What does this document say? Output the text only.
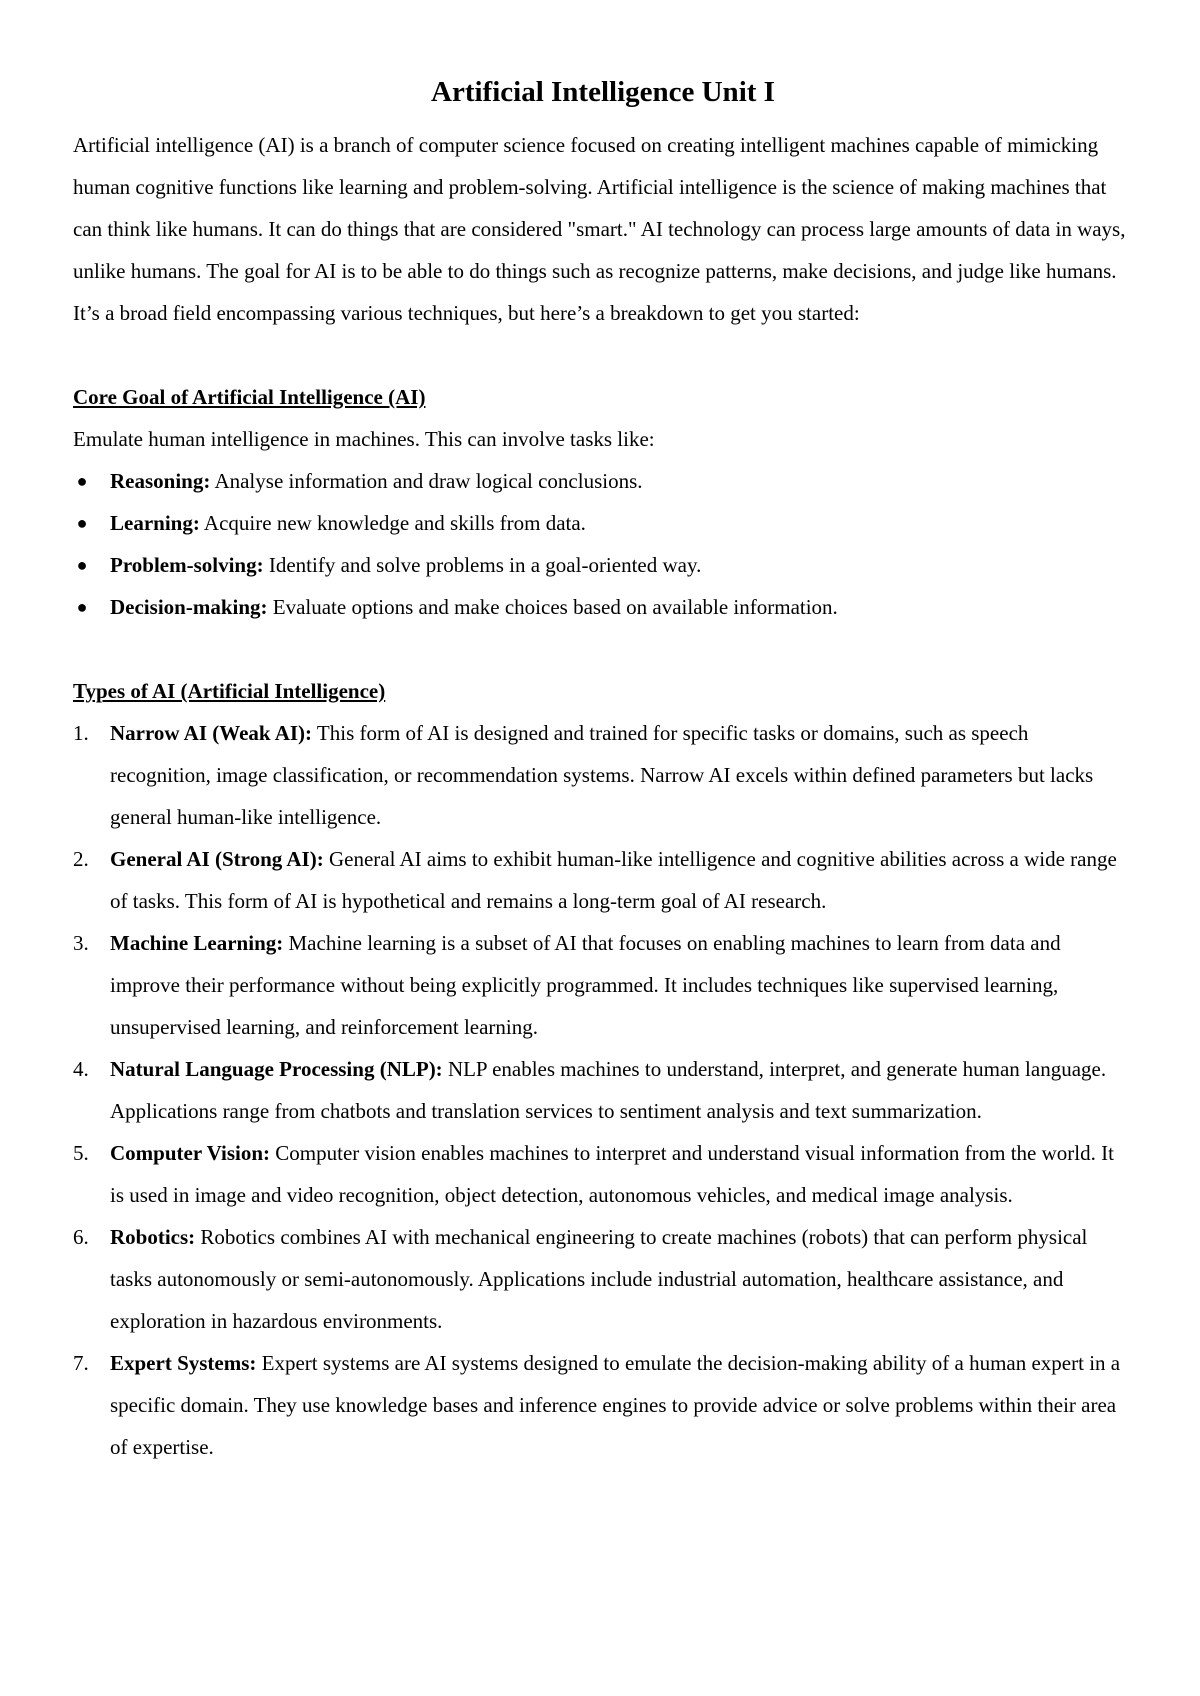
Artificial Intelligence Unit I

Artificial intelligence (AI) is a branch of computer science focused on creating intelligent machines capable of mimicking human cognitive functions like learning and problem-solving. Artificial intelligence is the science of making machines that can think like humans. It can do things that are considered "smart." AI technology can process large amounts of data in ways, unlike humans. The goal for AI is to be able to do things such as recognize patterns, make decisions, and judge like humans. It’s a broad field encompassing various techniques, but here’s a breakdown to get you started:

Core Goal of Artificial Intelligence (AI)

Emulate human intelligence in machines. This can involve tasks like:

● Reasoning: Analyse information and draw logical conclusions.
● Learning: Acquire new knowledge and skills from data.
● Problem-solving: Identify and solve problems in a goal-oriented way.
● Decision-making: Evaluate options and make choices based on available information.

Types of AI (Artificial Intelligence)

1.	Narrow AI (Weak AI): This form of AI is designed and trained for specific tasks or domains, such as speech recognition, image classification, or recommendation systems. Narrow AI excels within defined parameters but lacks general human-like intelligence.
2.	General AI (Strong AI): General AI aims to exhibit human-like intelligence and cognitive abilities across a wide range of tasks. This form of AI is hypothetical and remains a long-term goal of AI research.
3.	Machine Learning: Machine learning is a subset of AI that focuses on enabling machines to learn from data and improve their performance without being explicitly programmed. It includes techniques like supervised learning, unsupervised learning, and reinforcement learning.
4.	Natural Language Processing (NLP): NLP enables machines to understand, interpret, and generate human language. Applications range from chatbots and translation services to sentiment analysis and text summarization.
5.	Computer Vision: Computer vision enables machines to interpret and understand visual information from the world. It is used in image and video recognition, object detection, autonomous vehicles, and medical image analysis.
6.	Robotics: Robotics combines AI with mechanical engineering to create machines (robots) that can perform physical tasks autonomously or semi-autonomously. Applications include industrial automation, healthcare assistance, and exploration in hazardous environments.
7.	Expert Systems: Expert systems are AI systems designed to emulate the decision-making ability of a human expert in a specific domain. They use knowledge bases and inference engines to provide advice or solve problems within their area of expertise.
